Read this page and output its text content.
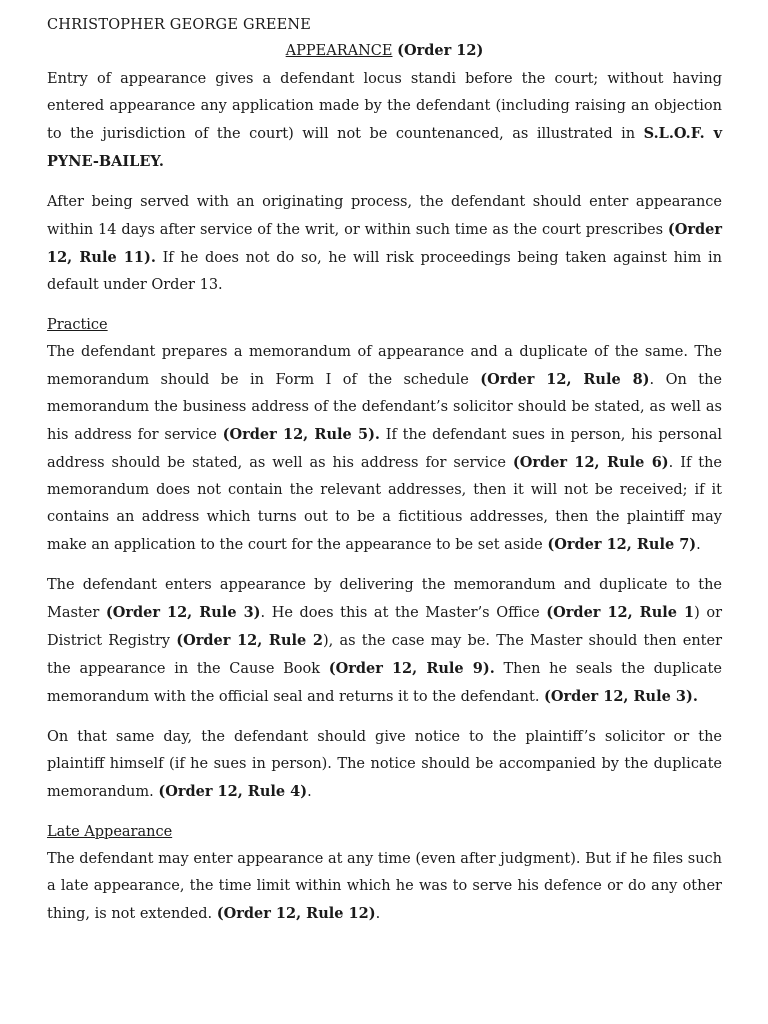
CHRISTOPHER GEORGE GREENE
APPEARANCE (Order 12)

Entry of appearance gives a defendant locus standi before the court; without having entered appearance any application made by the defendant (including raising an objection to the jurisdiction of the court) will not be countenanced, as illustrated in S.L.O.F. v PYNE-BAILEY.

After being served with an originating process, the defendant should enter appearance within 14 days after service of the writ, or within such time as the court prescribes (Order 12, Rule 11). If he does not do so, he will risk proceedings being taken against him in default under Order 13.

Practice

The defendant prepares a memorandum of appearance and a duplicate of the same. The memorandum should be in Form I of the schedule (Order 12, Rule 8). On the memorandum the business address of the defendant’s solicitor should be stated, as well as his address for service (Order 12, Rule 5). If the defendant sues in person, his personal address should be stated, as well as his address for service (Order 12, Rule 6). If the memorandum does not contain the relevant addresses, then it will not be received; if it contains an address which turns out to be a fictitious addresses, then the plaintiff may make an application to the court for the appearance to be set aside (Order 12, Rule 7).

The defendant enters appearance by delivering the memorandum and duplicate to the Master (Order 12, Rule 3). He does this at the Master’s Office (Order 12, Rule 1) or District Registry (Order 12, Rule 2), as the case may be. The Master should then enter the appearance in the Cause Book (Order 12, Rule 9). Then he seals the duplicate memorandum with the official seal and returns it to the defendant. (Order 12, Rule 3).

On that same day, the defendant should give notice to the plaintiff’s solicitor or the plaintiff himself (if he sues in person). The notice should be accompanied by the duplicate memorandum. (Order 12, Rule 4).

Late Appearance

The defendant may enter appearance at any time (even after judgment). But if he files such a late appearance, the time limit within which he was to serve his defence or do any other thing, is not extended. (Order 12, Rule 12).
